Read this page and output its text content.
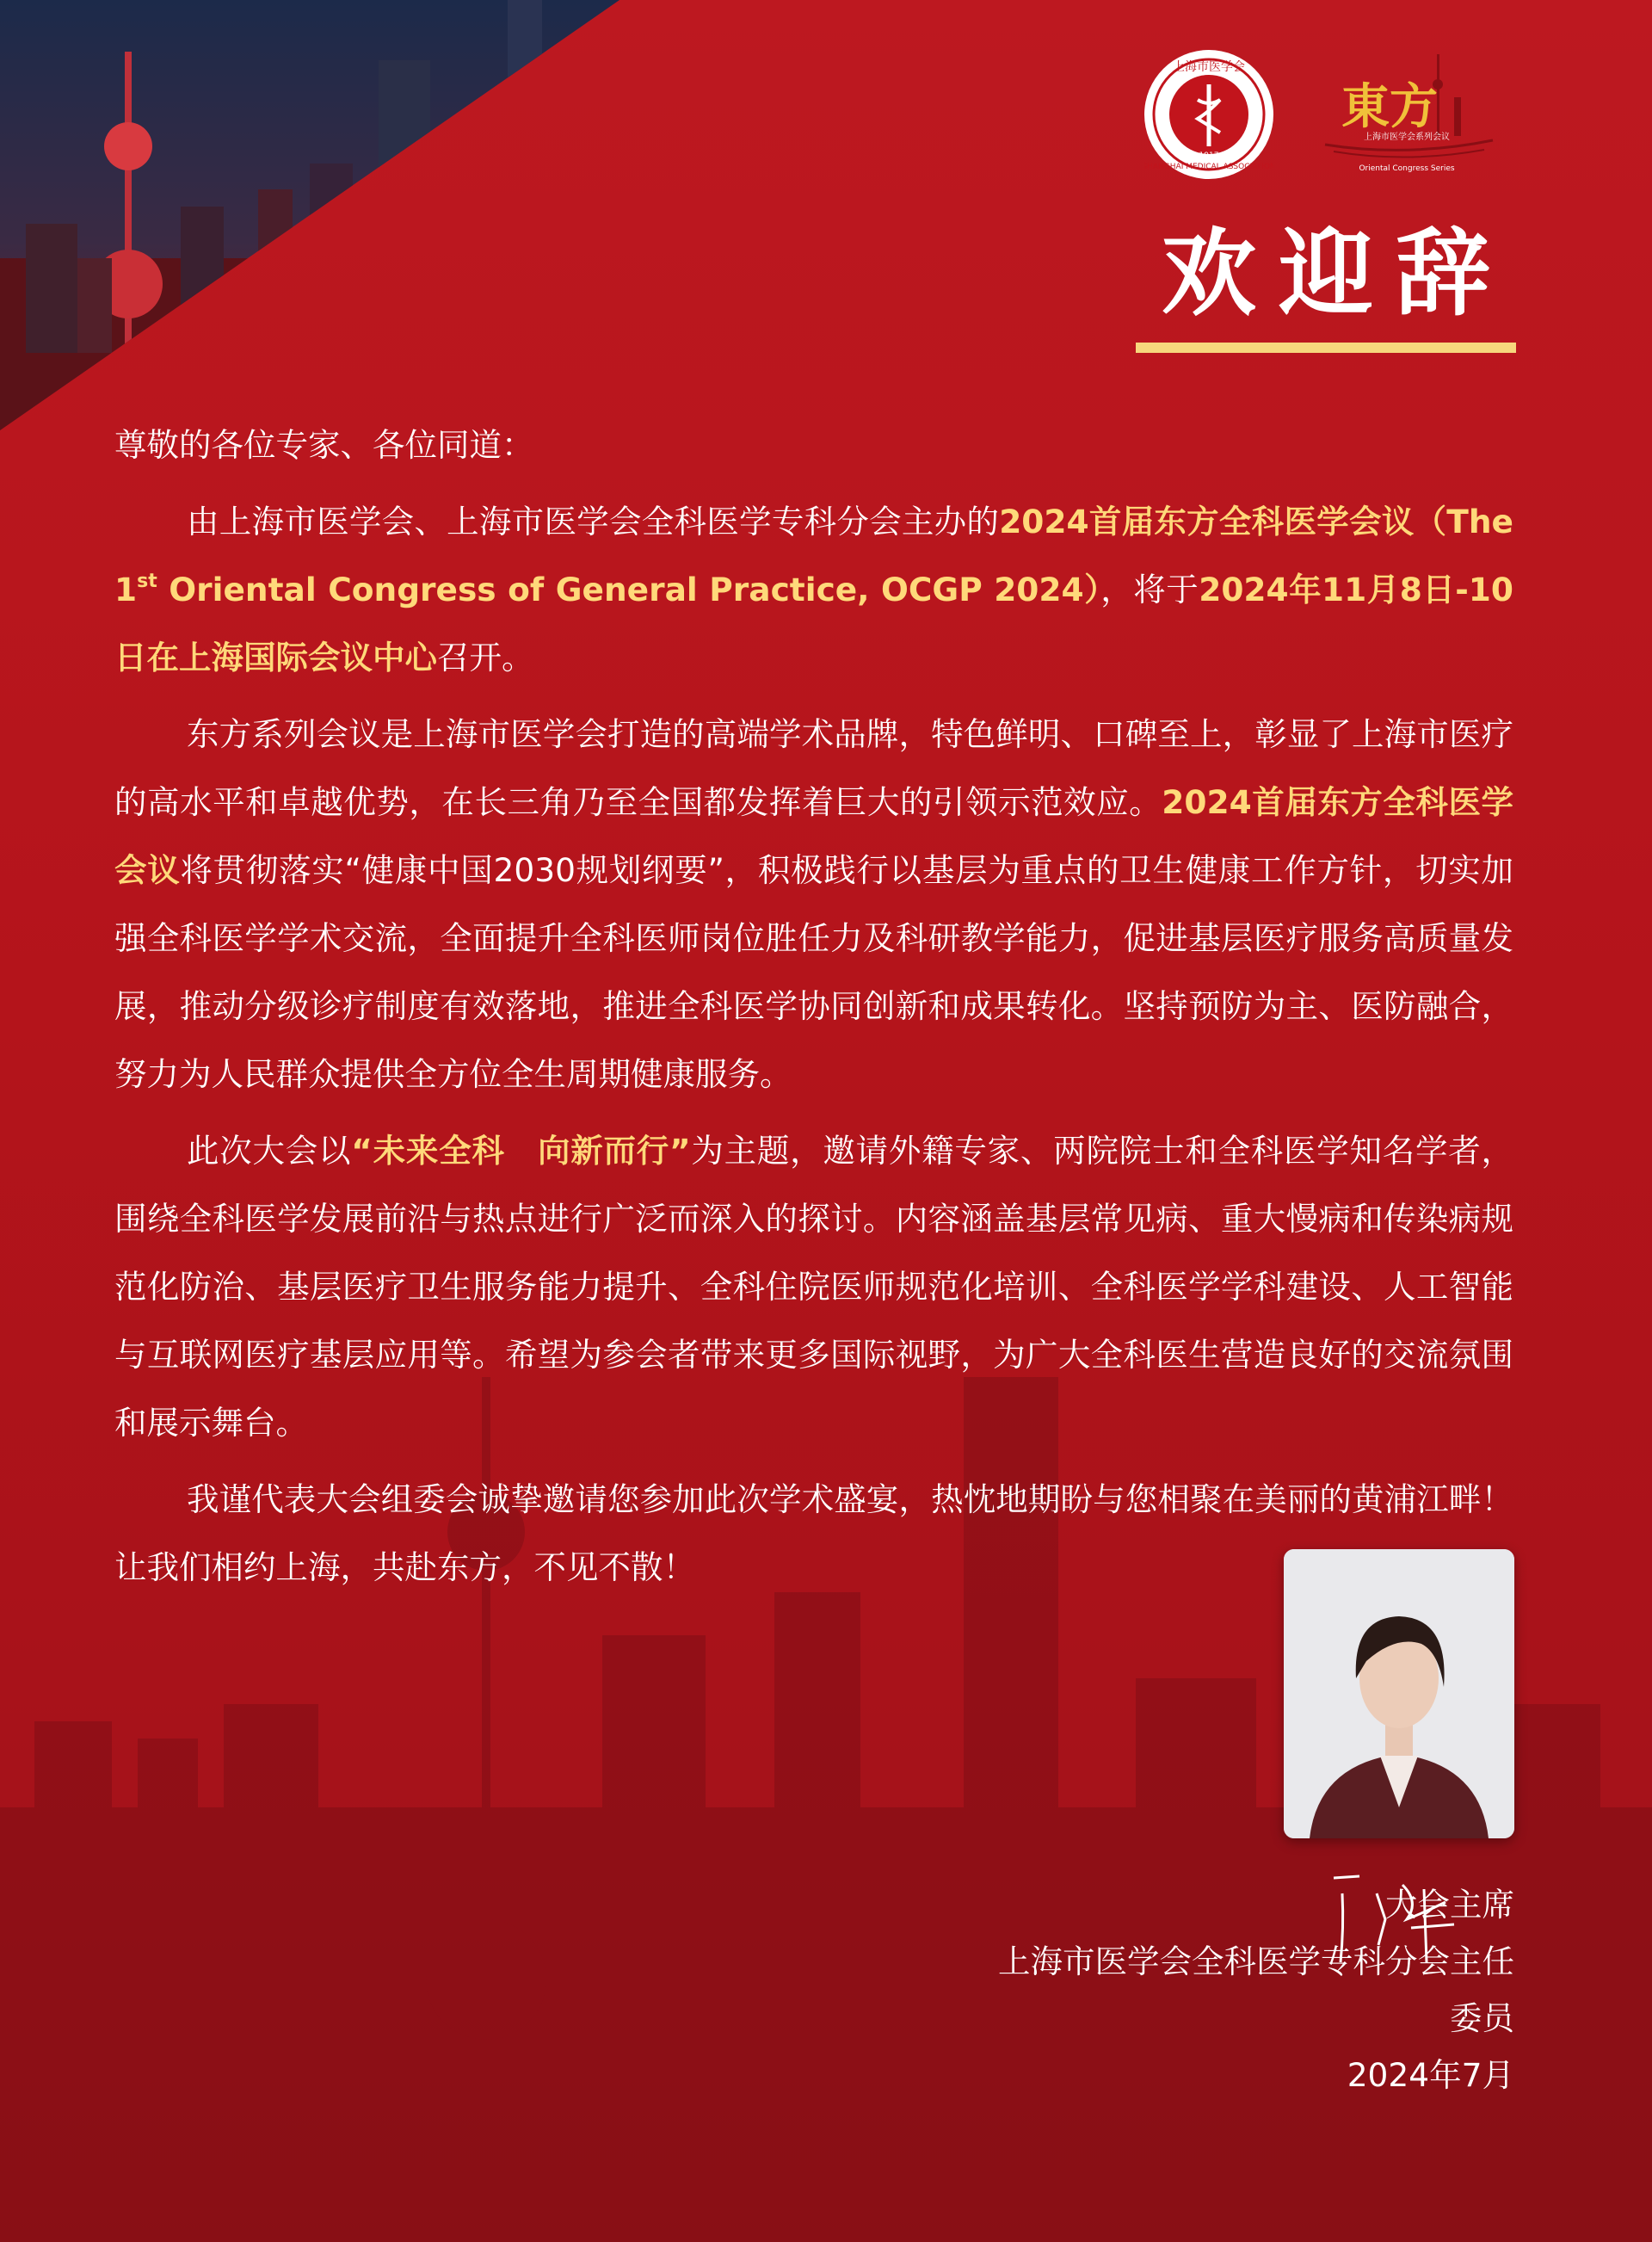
上海市医学会
SHANGHAI MEDICAL ASSOCIATION
1917
東方
上海市医学会系列会议
Oriental Congress Series
欢迎辞

尊敬的各位专家、各位同道：

由上海市医学会、上海市医学会全科医学专科分会主办的2024首届东方全科医学会议（The 1st Oriental Congress of General Practice, OCGP 2024），将于2024年11月8日-10日在上海国际会议中心召开。

东方系列会议是上海市医学会打造的高端学术品牌，特色鲜明、口碑至上，彰显了上海市医疗的高水平和卓越优势，在长三角乃至全国都发挥着巨大的引领示范效应。2024首届东方全科医学会议将贯彻落实“健康中国2030规划纲要”，积极践行以基层为重点的卫生健康工作方针，切实加强全科医学学术交流，全面提升全科医师岗位胜任力及科研教学能力，促进基层医疗服务高质量发展，推动分级诊疗制度有效落地，推进全科医学协同创新和成果转化。坚持预防为主、医防融合，努力为人民群众提供全方位全生周期健康服务。

此次大会以“未来全科　向新而行”为主题，邀请外籍专家、两院院士和全科医学知名学者，围绕全科医学发展前沿与热点进行广泛而深入的探讨。内容涵盖基层常见病、重大慢病和传染病规范化防治、基层医疗卫生服务能力提升、全科住院医师规范化培训、全科医学学科建设、人工智能与互联网医疗基层应用等。希望为参会者带来更多国际视野，为广大全科医生营造良好的交流氛围和展示舞台。

我谨代表大会组委会诚挚邀请您参加此次学术盛宴，热忱地期盼与您相聚在美丽的黄浦江畔！让我们相约上海，共赴东方，不见不散！

大会主席
上海市医学会全科医学专科分会主任委员
2024年7月
